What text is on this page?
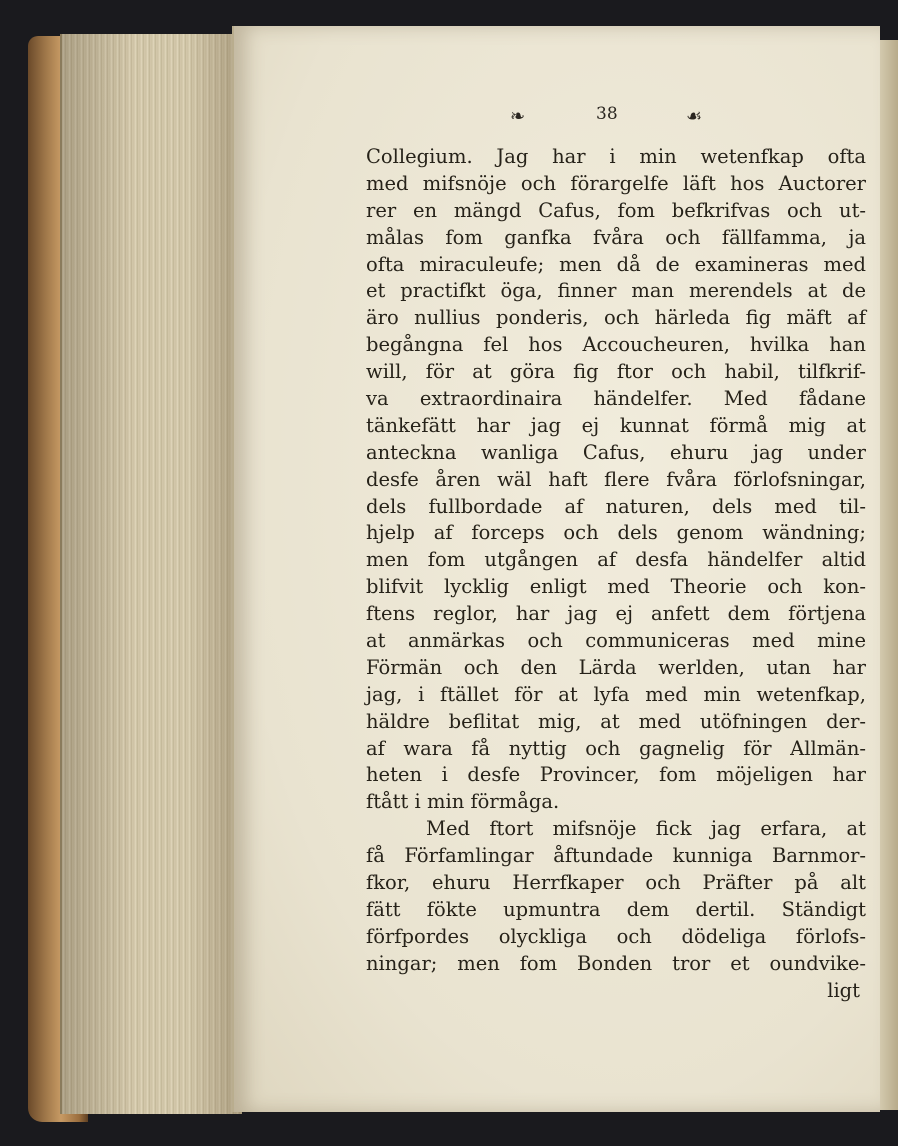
❧	38	☙
Collegium. Jag har i min wetenfkap ofta
med mifsnöje och förargelfe läft hos Auctorer
rer en mängd Cafus, fom befkrifvas och ut-
målas fom ganfka fvåra och fällfamma, ja
ofta miraculeufe; men då de examineras med
et practifkt öga, finner man merendels at de
äro nullius ponderis, och härleda fig mäft af
begångna fel hos Accoucheuren, hvilka han
will, för at göra fig ftor och habil, tilfkrif-
va extraordinaira händelfer. Med fådane
tänkefätt har jag ej kunnat förmå mig at
anteckna wanliga Cafus, ehuru jag under
desfe åren wäl haft flere fvåra förlofsningar,
dels fullbordade af naturen, dels med til-
hjelp af forceps och dels genom wändning;
men fom utgången af desfa händelfer altid
blifvit lycklig enligt med Theorie och kon-
ftens reglor, har jag ej anfett dem förtjena
at anmärkas och communiceras med mine
Förmän och den Lärda werlden, utan har
jag, i ftället för at lyfa med min wetenfkap,
häldre beflitat mig, at med utöfningen der-
af wara få nyttig och gagnelig för Allmän-
heten i desfe Provincer, fom möjeligen har
ftått i min förmåga.
Med ftort mifsnöje fick jag erfara, at
få Förfamlingar åftundade kunniga Barnmor-
fkor, ehuru Herrfkaper och Präfter på alt
fätt fökte upmuntra dem dertil. Ständigt
förfpordes olyckliga och dödeliga förlofs-
ningar; men fom Bonden tror et oundvike-
ligt
